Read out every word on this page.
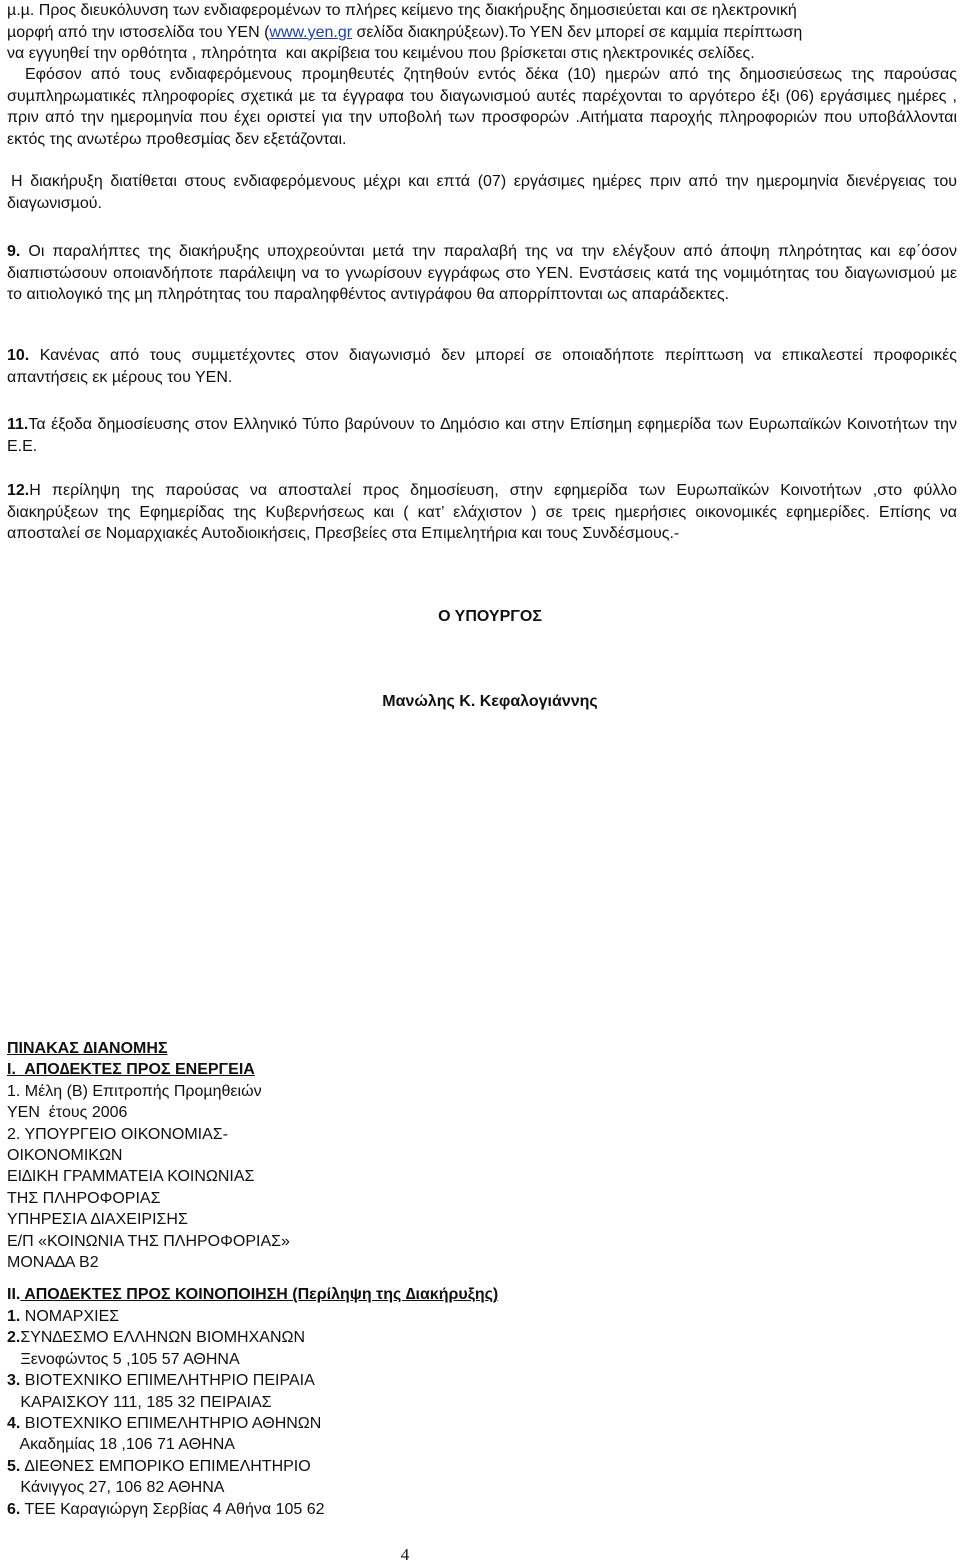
µ.µ. Προς διευκόλυνση των ενδιαφεροµένων το πλήρες κείµενο της διακήρυξης δηµοσιεύεται και σε ηλεκτρονική
µορφή από την ιστοσελίδα του ΥΕΝ (www.yen.gr σελίδα διακηρύξεων).Το ΥΕΝ δεν µπορεί σε καµµία περίπτωση
να εγγυηθεί την ορθότητα , πληρότητα  και ακρίβεια του κειµένου που βρίσκεται στις ηλεκτρονικές σελίδες.

Εφόσον από τους ενδιαφερόµενους προµηθευτές ζητηθούν εντός δέκα (10) ηµερών από της δηµοσιεύσεως της παρούσας συµπληρωµατικές πληροφορίες σχετικά µε τα έγγραφα του διαγωνισµού αυτές παρέχονται το αργότερο έξι (06) εργάσιµες ηµέρες , πριν από την ηµεροµηνία που έχει οριστεί για την υποβολή των προσφορών .Αιτήµατα παροχής πληροφοριών που υποβάλλονται εκτός της ανωτέρω προθεσµίας δεν εξετάζονται.

Η διακήρυξη διατίθεται στους ενδιαφερόµενους µέχρι και επτά (07) εργάσιµες ηµέρες πριν από την ηµεροµηνία διενέργειας του διαγωνισµού.

9. Οι παραλήπτες της διακήρυξης υποχρεούνται µετά την παραλαβή της να την ελέγξουν από άποψη πληρότητας και εφ΄όσον διαπιστώσουν οποιανδήποτε παράλειψη να το γνωρίσουν εγγράφως στο ΥΕΝ. Ενστάσεις κατά της νοµιµότητας του διαγωνισµού µε το αιτιολογικό της µη πληρότητας του παραληφθέντος αντιγράφου θα απορρίπτονται ως απαράδεκτες.

10. Κανένας από τους συµµετέχοντες στον διαγωνισµό δεν µπορεί σε οποιαδήποτε περίπτωση να επικαλεστεί προφορικές απαντήσεις εκ µέρους του ΥΕΝ.

11.Τα έξοδα δηµοσίευσης στον Ελληνικό Τύπο βαρύνουν το ∆ηµόσιο και στην Επίσηµη εφηµερίδα των Ευρωπαϊκών Κοινοτήτων την Ε.Ε.

12.Η περίληψη της παρούσας να αποσταλεί προς δηµοσίευση, στην εφηµερίδα των Ευρωπαϊκών Κοινοτήτων ,στο φύλλο διακηρύξεων της Εφηµερίδας της Κυβερνήσεως και ( κατ’ ελάχιστον ) σε τρεις ηµερήσιες οικονοµικές εφηµερίδες. Επίσης να αποσταλεί σε Νοµαρχιακές Αυτοδιοικήσεις, Πρεσβείες στα Επιµελητήρια και τους Συνδέσµους.-

Ο ΥΠΟΥΡΓΟΣ
Μανώλης Κ. Κεφαλογιάννης
ΠΙΝΑΚΑΣ ∆ΙΑΝΟΜΗΣ
Ι.  ΑΠΟ∆ΕΚΤΕΣ ΠΡΟΣ ΕΝΕΡΓΕΙΑ
1. Μέλη (Β) Επιτροπής Προµηθειών
ΥΕΝ  έτους 2006
2. ΥΠΟΥΡΓΕΙΟ ΟΙΚΟΝΟΜΙΑΣ-
ΟΙΚΟΝΟΜΙΚΩΝ
ΕΙ∆ΙΚΗ ΓΡΑΜΜΑΤΕΙΑ ΚΟΙΝΩΝΙΑΣ
ΤΗΣ ΠΛΗΡΟΦΟΡΙΑΣ
ΥΠΗΡΕΣΙΑ ∆ΙΑΧΕΙΡΙΣΗΣ
Ε/Π «ΚΟΙΝΩΝΙΑ ΤΗΣ ΠΛΗΡΟΦΟΡΙΑΣ»
ΜΟΝΑ∆Α Β2
ΙΙ. ΑΠΟ∆ΕΚΤΕΣ ΠΡΟΣ ΚΟΙΝΟΠΟΙΗΣΗ (Περίληψη της ∆ιακήρυξης)
1. ΝΟΜΑΡΧΙΕΣ
2.ΣΥΝ∆ΕΣΜΟ ΕΛΛΗΝΩΝ ΒΙΟΜΗΧΑΝΩΝ
Ξενοφώντος 5 ,105 57 ΑΘΗΝΑ
3. ΒΙΟΤΕΧΝΙΚΟ ΕΠΙΜΕΛΗΤΗΡΙΟ ΠΕΙΡΑΙΑ
ΚΑΡΑΙΣΚΟΥ 111, 185 32 ΠΕΙΡΑΙΑΣ
4. ΒΙΟΤΕΧΝΙΚΟ ΕΠΙΜΕΛΗΤΗΡΙΟ ΑΘΗΝΩΝ
Ακαδηµίας 18 ,106 71 ΑΘΗΝΑ
5. ∆ΙΕΘΝΕΣ ΕΜΠΟΡΙΚΟ ΕΠΙΜΕΛΗΤΗΡΙΟ
Κάνιγγος 27, 106 82 ΑΘΗΝΑ
6. ΤΕΕ Καραγιώργη Σερβίας 4 Αθήνα 105 62
4
